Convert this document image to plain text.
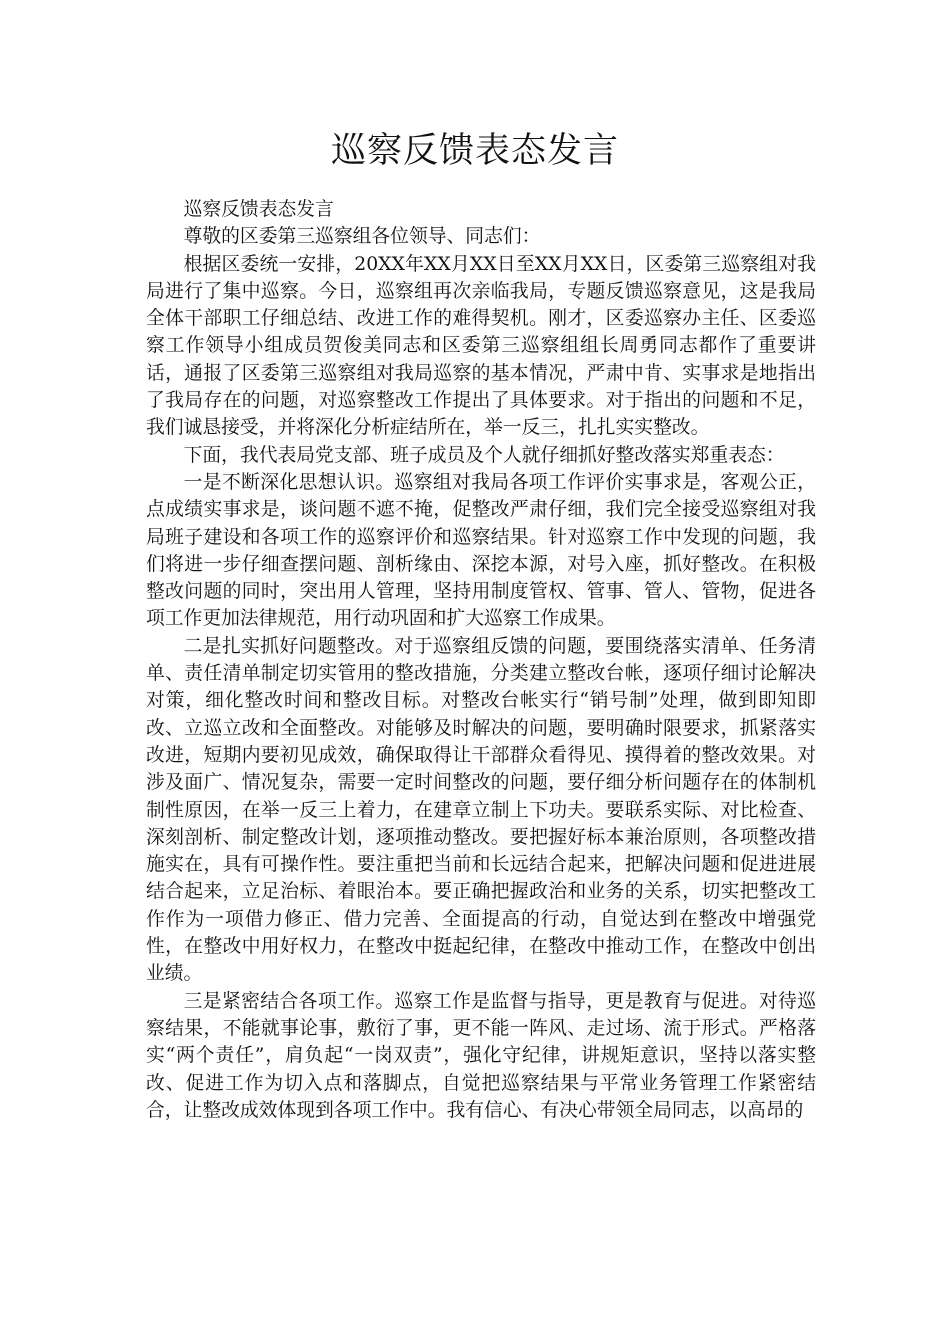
巡察反馈表态发言

巡察反馈表态发言

尊敬的区委第三巡察组各位领导、同志们：

根据区委统一安排，20XX年XX月XX日至XX月XX日，区委第三巡察组对我局进行了集中巡察。今日，巡察组再次亲临我局，专题反馈巡察意见，这是我局全体干部职工仔细总结、改进工作的难得契机。刚才，区委巡察办主任、区委巡察工作领导小组成员贺俊美同志和区委第三巡察组组长周勇同志都作了重要讲话，通报了区委第三巡察组对我局巡察的基本情况，严肃中肯、实事求是地指出了我局存在的问题，对巡察整改工作提出了具体要求。对于指出的问题和不足，我们诚恳接受，并将深化分析症结所在，举一反三，扎扎实实整改。

下面，我代表局党支部、班子成员及个人就仔细抓好整改落实郑重表态：

一是不断深化思想认识。巡察组对我局各项工作评价实事求是，客观公正，点成绩实事求是，谈问题不遮不掩，促整改严肃仔细，我们完全接受巡察组对我局班子建设和各项工作的巡察评价和巡察结果。针对巡察工作中发现的问题，我们将进一步仔细查摆问题、剖析缘由、深挖本源，对号入座，抓好整改。在积极整改问题的同时，突出用人管理，坚持用制度管权、管事、管人、管物，促进各项工作更加法律规范，用行动巩固和扩大巡察工作成果。

二是扎实抓好问题整改。对于巡察组反馈的问题，要围绕落实清单、任务清单、责任清单制定切实管用的整改措施，分类建立整改台帐，逐项仔细讨论解决对策，细化整改时间和整改目标。对整改台帐实行“销号制”处理，做到即知即改、立巡立改和全面整改。对能够及时解决的问题，要明确时限要求，抓紧落实改进，短期内要初见成效，确保取得让干部群众看得见、摸得着的整改效果。对涉及面广、情况复杂，需要一定时间整改的问题，要仔细分析问题存在的体制机制性原因，在举一反三上着力，在建章立制上下功夫。要联系实际、对比检查、深刻剖析、制定整改计划，逐项推动整改。要把握好标本兼治原则，各项整改措施实在，具有可操作性。要注重把当前和长远结合起来，把解决问题和促进进展结合起来，立足治标、着眼治本。要正确把握政治和业务的关系，切实把整改工作作为一项借力修正、借力完善、全面提高的行动，自觉达到在整改中增强党性，在整改中用好权力，在整改中挺起纪律，在整改中推动工作，在整改中创出业绩。

三是紧密结合各项工作。巡察工作是监督与指导，更是教育与促进。对待巡察结果，不能就事论事，敷衍了事，更不能一阵风、走过场、流于形式。严格落实“两个责任”，肩负起“一岗双责”，强化守纪律，讲规矩意识，坚持以落实整改、促进工作为切入点和落脚点，自觉把巡察结果与平常业务管理工作紧密结合，让整改成效体现到各项工作中。我有信心、有决心带领全局同志，以高昂的
